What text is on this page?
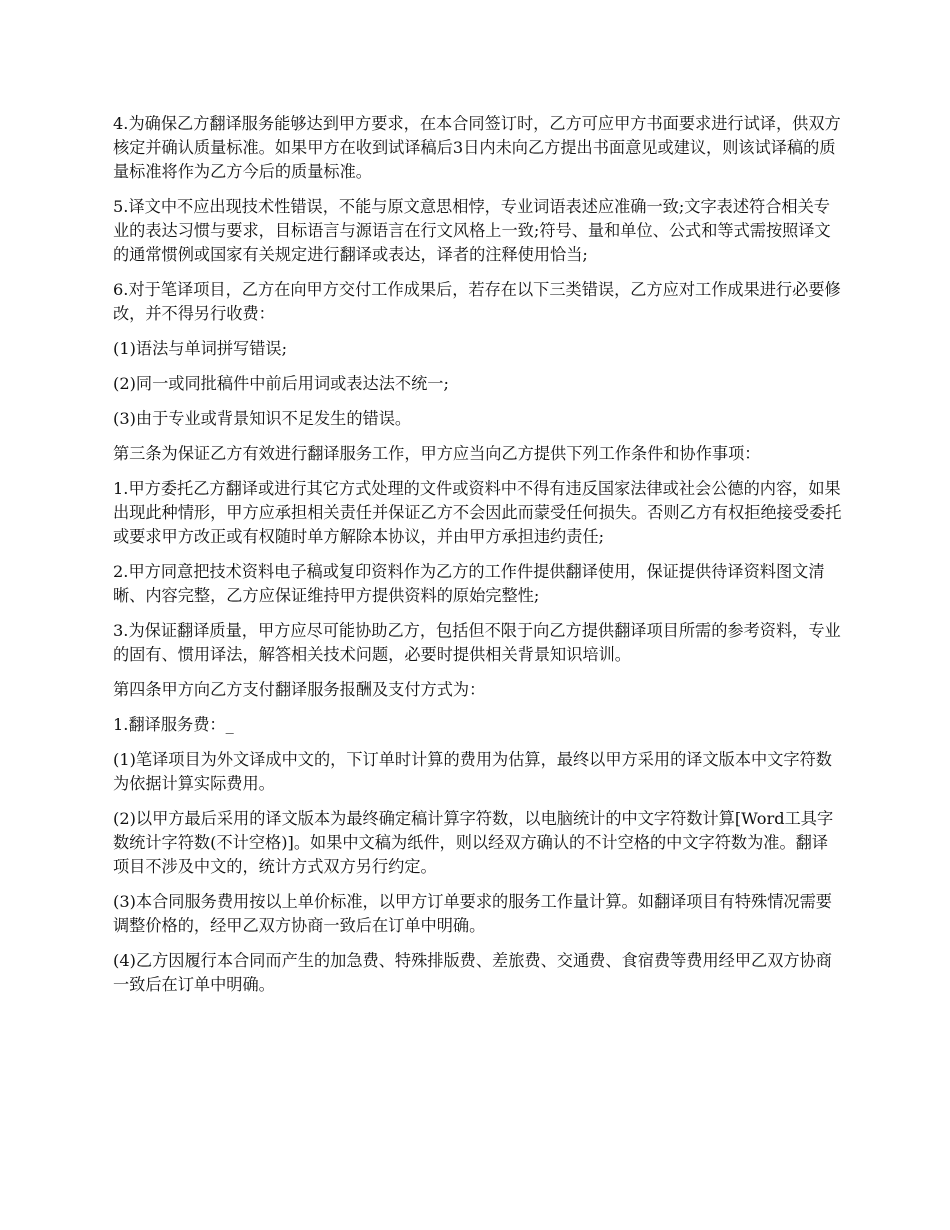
4.为确保乙方翻译服务能够达到甲方要求，在本合同签订时，乙方可应甲方书面要求进行试译，供双方核定并确认质量标准。如果甲方在收到试译稿后3日内未向乙方提出书面意见或建议，则该试译稿的质量标准将作为乙方今后的质量标准。

5.译文中不应出现技术性错误，不能与原文意思相悖，专业词语表述应准确一致;文字表述符合相关专业的表达习惯与要求，目标语言与源语言在行文风格上一致;符号、量和单位、公式和等式需按照译文的通常惯例或国家有关规定进行翻译或表达，译者的注释使用恰当;

6.对于笔译项目，乙方在向甲方交付工作成果后，若存在以下三类错误，乙方应对工作成果进行必要修改，并不得另行收费：

(1)语法与单词拼写错误;

(2)同一或同批稿件中前后用词或表达法不统一;

(3)由于专业或背景知识不足发生的错误。

第三条为保证乙方有效进行翻译服务工作，甲方应当向乙方提供下列工作条件和协作事项：

1.甲方委托乙方翻译或进行其它方式处理的文件或资料中不得有违反国家法律或社会公德的内容，如果出现此种情形，甲方应承担相关责任并保证乙方不会因此而蒙受任何损失。否则乙方有权拒绝接受委托或要求甲方改正或有权随时单方解除本协议，并由甲方承担违约责任;

2.甲方同意把技术资料电子稿或复印资料作为乙方的工作件提供翻译使用，保证提供待译资料图文清晰、内容完整，乙方应保证维持甲方提供资料的原始完整性;

3.为保证翻译质量，甲方应尽可能协助乙方，包括但不限于向乙方提供翻译项目所需的参考资料，专业的固有、惯用译法，解答相关技术问题，必要时提供相关背景知识培训。

第四条甲方向乙方支付翻译服务报酬及支付方式为：

1.翻译服务费：_

(1)笔译项目为外文译成中文的，下订单时计算的费用为估算，最终以甲方采用的译文版本中文字符数为依据计算实际费用。

(2)以甲方最后采用的译文版本为最终确定稿计算字符数，以电脑统计的中文字符数计算[Word工具字数统计字符数(不计空格)]。如果中文稿为纸件，则以经双方确认的不计空格的中文字符数为准。翻译项目不涉及中文的，统计方式双方另行约定。

(3)本合同服务费用按以上单价标准，以甲方订单要求的服务工作量计算。如翻译项目有特殊情况需要调整价格的，经甲乙双方协商一致后在订单中明确。

(4)乙方因履行本合同而产生的加急费、特殊排版费、差旅费、交通费、食宿费等费用经甲乙双方协商一致后在订单中明确。
